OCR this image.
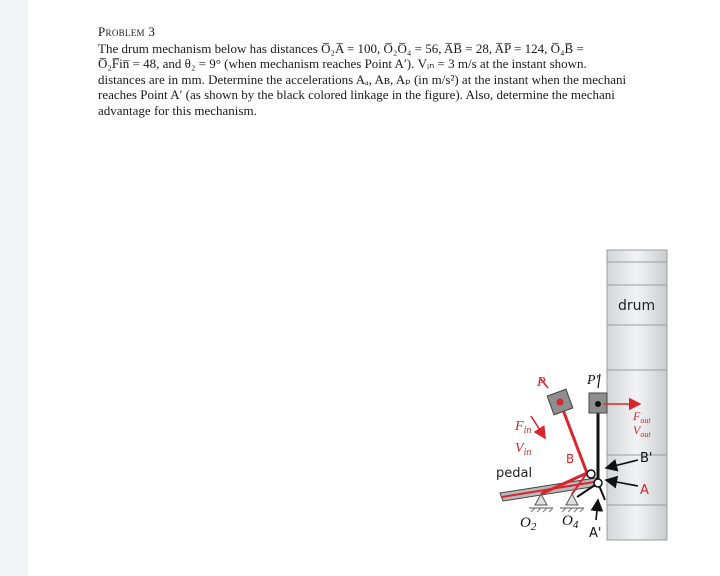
Problem 3
The drum mechanism below has distances O̅₂A̅ = 100, O̅₂O̅₄ = 56, A̅B̅ = 28, A̅P̅ = 124, O̅₄B̅ =
O̅₂F̅in̅ = 48, and θ₂ = 9° (when mechanism reaches Point A′). Vᵢₙ = 3 m/s at the instant shown.
distances are in mm. Determine the accelerations Aₐ, Aʙ, Aₚ (in m/s²) at the instant when the mechani
reaches Point A′ (as shown by the black colored linkage in the figure). Also, determine the mechani
advantage for this mechanism.
drum
P	P'
$F_{in}$
$V_{in}$
$F_{out}$
$V_{out}$
B	B'
A
A'
pedal
$O_2$ $O_4$
